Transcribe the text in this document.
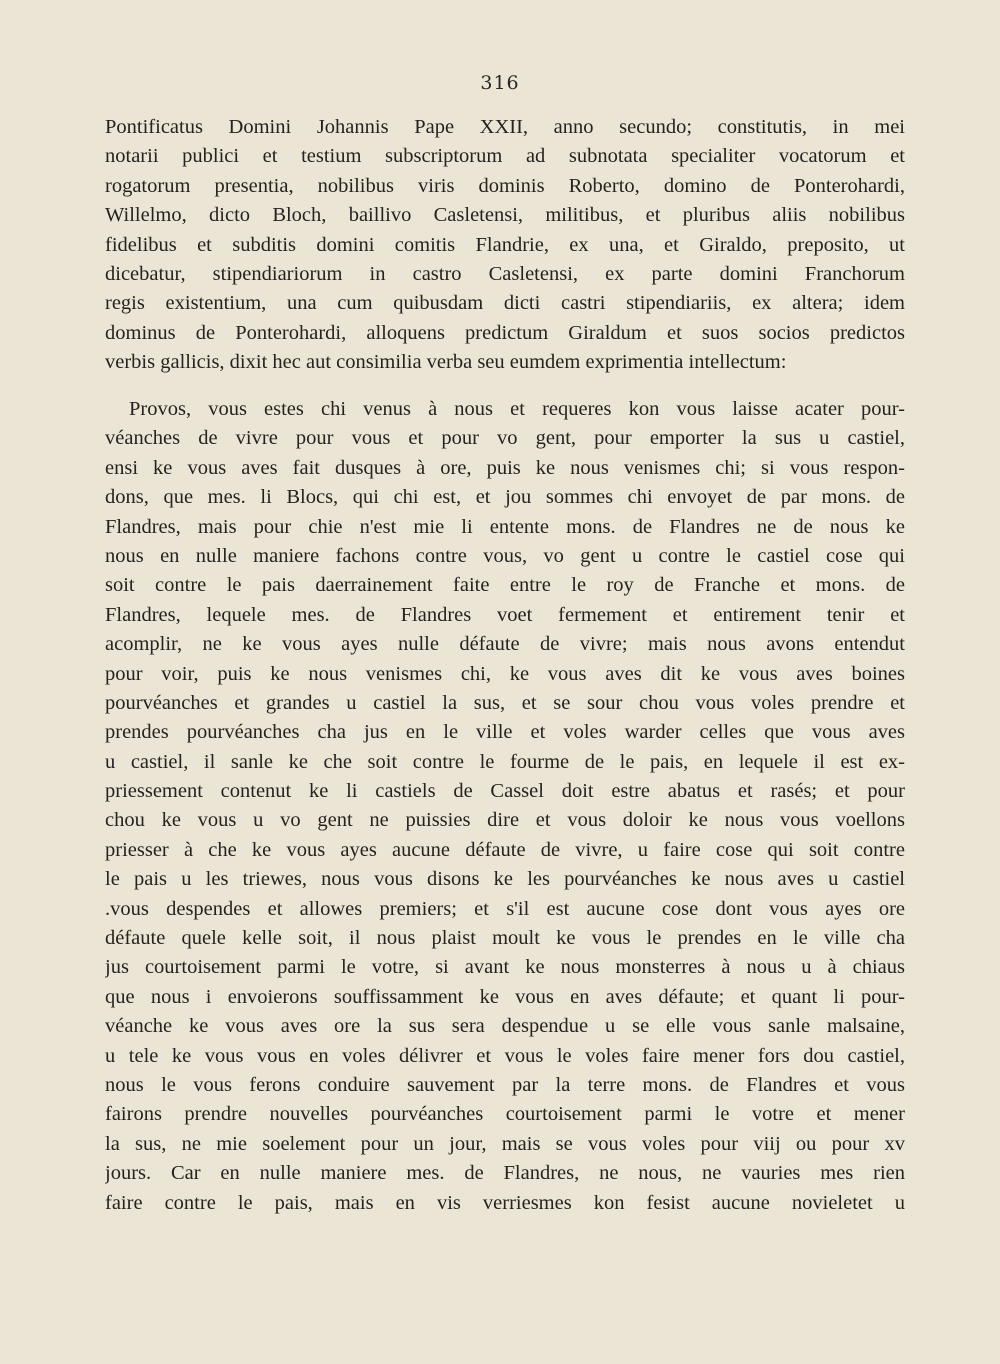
316
Pontificatus Domini Johannis Pape XXII, anno secundo; constitutis, in mei
notarii publici et testium subscriptorum ad subnotata specialiter vocatorum et
rogatorum presentia, nobilibus viris dominis Roberto, domino de Ponterohardi,
Willelmo, dicto Bloch, baillivo Casletensi, militibus, et pluribus aliis nobilibus
fidelibus et subditis domini comitis Flandrie, ex una, et Giraldo, preposito, ut
dicebatur, stipendiariorum in castro Casletensi, ex parte domini Franchorum
regis existentium, una cum quibusdam dicti castri stipendiariis, ex altera; idem
dominus de Ponterohardi, alloquens predictum Giraldum et suos socios predictos
verbis gallicis, dixit hec aut consimilia verba seu eumdem exprimentia intellectum:
Provos, vous estes chi venus à nous et requeres kon vous laisse acater pour-
véanches de vivre pour vous et pour vo gent, pour emporter la sus u castiel,
ensi ke vous aves fait dusques à ore, puis ke nous venismes chi; si vous respon-
dons, que mes. li Blocs, qui chi est, et jou sommes chi envoyet de par mons. de
Flandres, mais pour chie n'est mie li entente mons. de Flandres ne de nous ke
nous en nulle maniere fachons contre vous, vo gent u contre le castiel cose qui
soit contre le pais daerrainement faite entre le roy de Franche et mons. de
Flandres, lequele mes. de Flandres voet fermement et entirement tenir et
acomplir, ne ke vous ayes nulle défaute de vivre; mais nous avons entendut
pour voir, puis ke nous venismes chi, ke vous aves dit ke vous aves boines
pourvéanches et grandes u castiel la sus, et se sour chou vous voles prendre et
prendes pourvéanches cha jus en le ville et voles warder celles que vous aves
u castiel, il sanle ke che soit contre le fourme de le pais, en lequele il est ex-
priessement contenut ke li castiels de Cassel doit estre abatus et rasés; et pour
chou ke vous u vo gent ne puissies dire et vous doloir ke nous vous voellons
priesser à che ke vous ayes aucune défaute de vivre, u faire cose qui soit contre
le pais u les triewes, nous vous disons ke les pourvéanches ke nous aves u castiel
.vous despendes et allowes premiers; et s'il est aucune cose dont vous ayes ore
défaute quele kelle soit, il nous plaist moult ke vous le prendes en le ville cha
jus courtoisement parmi le votre, si avant ke nous monsterres à nous u à chiaus
que nous i envoierons souffissamment ke vous en aves défaute; et quant li pour-
véanche ke vous aves ore la sus sera despendue u se elle vous sanle malsaine,
u tele ke vous vous en voles délivrer et vous le voles faire mener fors dou castiel,
nous le vous ferons conduire sauvement par la terre mons. de Flandres et vous
fairons prendre nouvelles pourvéanches courtoisement parmi le votre et mener
la sus, ne mie soelement pour un jour, mais se vous voles pour viij ou pour xv
jours. Car en nulle maniere mes. de Flandres, ne nous, ne vauries mes rien
faire contre le pais, mais en vis verriesmes kon fesist aucune novieletet u
